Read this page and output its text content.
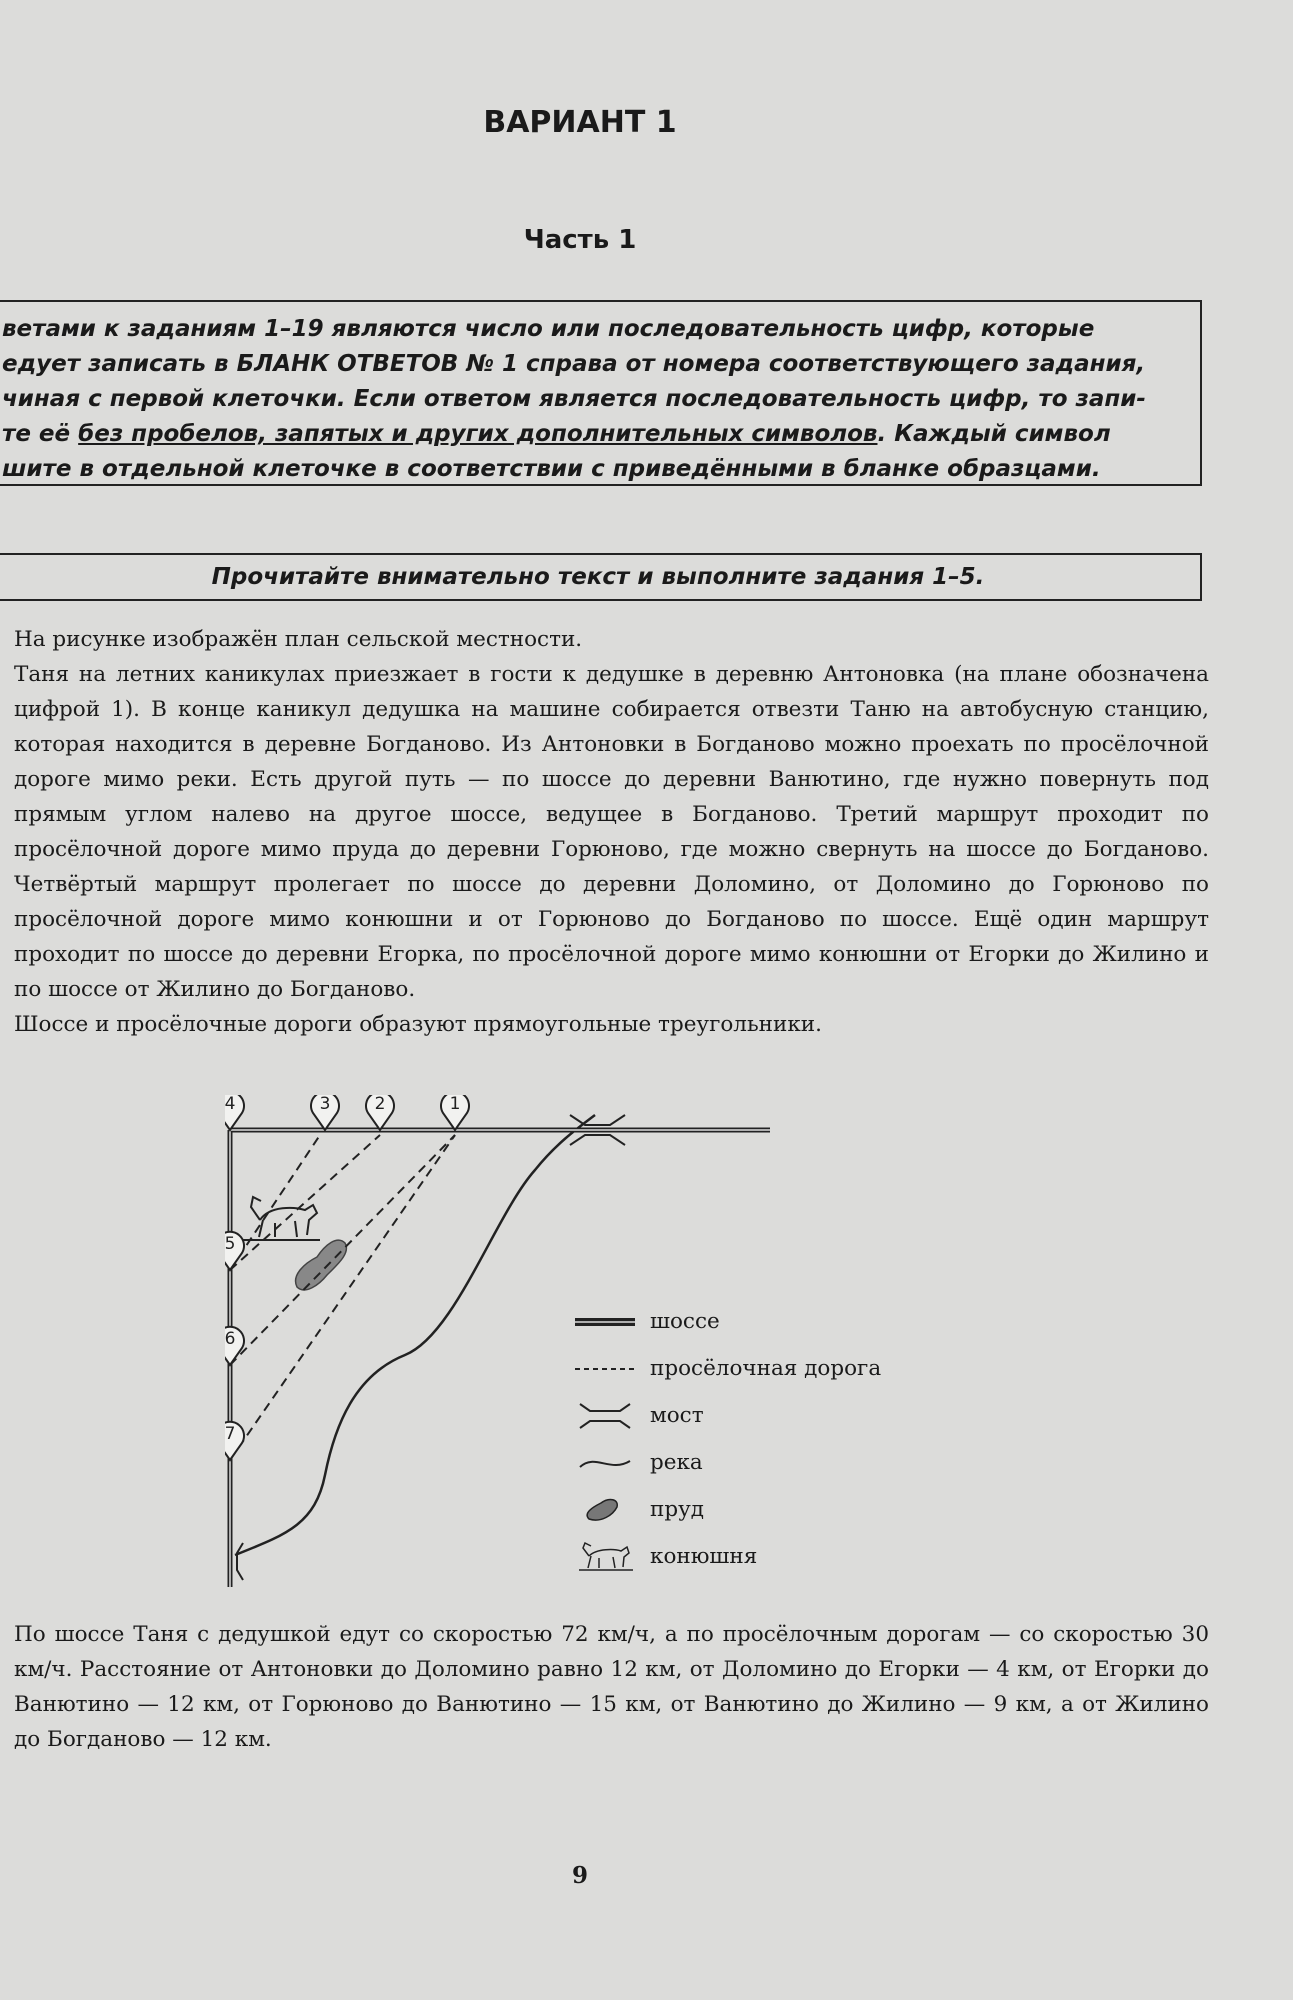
ВАРИАНТ 1
Часть 1

ветами к заданиям 1–19 являются число или последовательность цифр, которые

едует записать в БЛАНК ОТВЕТОВ № 1 справа от номера соответствующего задания,

чиная с первой клеточки. Если ответом является последовательность цифр, то запи-

те её без пробелов, запятых и других дополнительных символов. Каждый символ

шите в отдельной клеточке в соответствии с приведёнными в бланке образцами.

Прочитайте внимательно текст и выполните задания 1–5.

На рисунке изображён план сельской местности.

Таня на летних каникулах приезжает в гости к дедушке в деревню Антоновка (на плане обозначена цифрой 1). В конце каникул дедушка на машине собирается отвезти Таню на автобусную станцию, которая находится в деревне Богданово. Из Антоновки в Богданово можно проехать по просёлочной дороге мимо реки. Есть другой путь — по шоссе до деревни Ванютино, где нужно повернуть под прямым углом налево на другое шоссе, ведущее в Богданово. Третий маршрут проходит по просёлочной дороге мимо пруда до деревни Горюново, где можно свернуть на шоссе до Богданово. Четвёртый маршрут пролегает по шоссе до деревни Доломино, от Доломино до Горюново по просёлочной дороге мимо конюшни и от Горюново до Богданово по шоссе. Ещё один маршрут проходит по шоссе до деревни Егорка, по просёлочной дороге мимо конюшни от Егорки до Жилино и по шоссе от Жилино до Богданово.

Шоссе и просёлочные дороги образуют прямоугольные треугольники.

4	3	2	1
5
6
7
шоссе
просёлочная дорога
мост
река
пруд
конюшня

По шоссе Таня с дедушкой едут со скоростью 72 км/ч, а по просёлочным дорогам — со скоростью 30 км/ч. Расстояние от Антоновки до Доломино равно 12 км, от Доломино до Егорки — 4 км, от Егорки до Ванютино — 12 км, от Горюново до Ванютино — 15 км, от Ванютино до Жилино — 9 км, а от Жилино до Богданово — 12 км.

9
